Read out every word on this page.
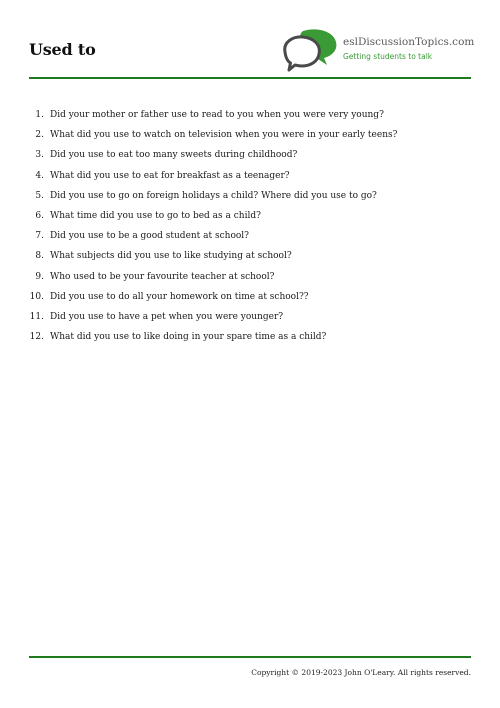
Used to	eslDiscussionTopics.com
Getting students to talk
1. Did your mother or father use to read to you when you were very young?
2. What did you use to watch on television when you were in your early teens?
3. Did you use to eat too many sweets during childhood?
4. What did you use to eat for breakfast as a teenager?
5. Did you use to go on foreign holidays a child? Where did you use to go?
6. What time did you use to go to bed as a child?
7. Did you use to be a good student at school?
8. What subjects did you use to like studying at school?
9. Who used to be your favourite teacher at school?
10. Did you use to do all your homework on time at school??
11. Did you use to have a pet when you were younger?
12. What did you use to like doing in your spare time as a child?
Copyright © 2019-2023 John O'Leary. All rights reserved.
